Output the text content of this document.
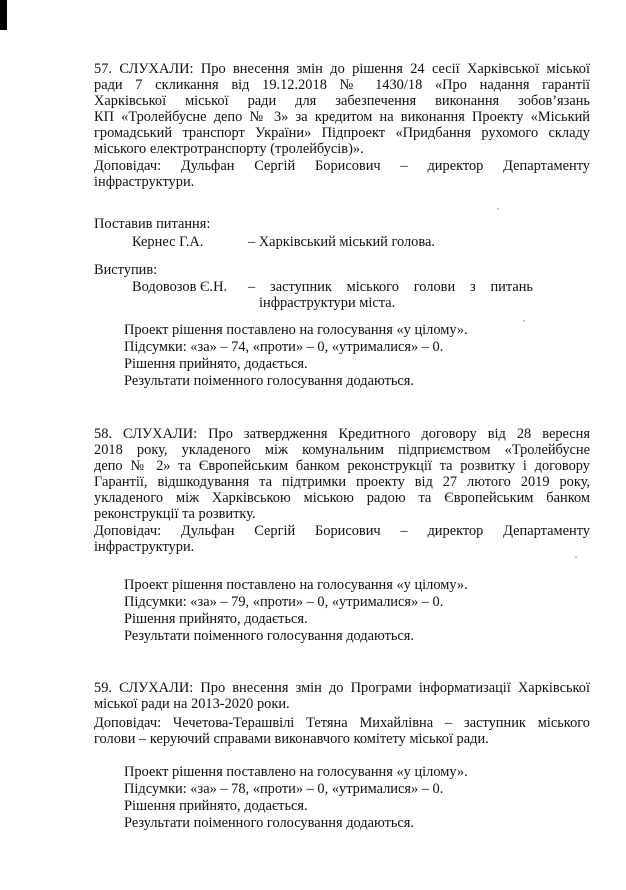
57. СЛУХАЛИ: Про внесення змін до рішення 24 сесії Харківської міської
ради 7 скликання від 19.12.2018 № 1430/18 «Про надання гарантії
Харківської міської ради для забезпечення виконання зобов’язань
КП «Тролейбусне депо № 3» за кредитом на виконання Проекту «Міський
громадський транспорт України» Підпроект «Придбання рухомого складу
міського електротранспорту (тролейбусів)».
Доповідач: Дульфан Сергій Борисович – директор Департаменту
інфраструктури.
Поставив питання:
Кернес Г.А.	– Харківський міський голова.
Виступив:
Водовозов Є.Н. – заступник міського голови з питань
інфраструктури міста.
Проект рішення поставлено на голосування «у цілому».
Підсумки: «за» – 74, «проти» – 0, «утрималися» – 0.
Рішення прийнято, додається.
Результати поіменного голосування додаються.
58. СЛУХАЛИ: Про затвердження Кредитного договору від 28 вересня
2018 року, укладеного між комунальним підприємством «Тролейбусне
депо № 2» та Європейським банком реконструкції та розвитку і договору
Гарантії, відшкодування та підтримки проекту від 27 лютого 2019 року,
укладеного між Харківською міською радою та Європейським банком
реконструкції та розвитку.
Доповідач: Дульфан Сергій Борисович – директор Департаменту
інфраструктури.
Проект рішення поставлено на голосування «у цілому».
Підсумки: «за» – 79, «проти» – 0, «утрималися» – 0.
Рішення прийнято, додається.
Результати поіменного голосування додаються.
59. СЛУХАЛИ: Про внесення змін до Програми інформатизації Харківської
міської ради на 2013-2020 роки.
Доповідач: Чечетова-Терашвілі Тетяна Михайлівна – заступник міського
голови – керуючий справами виконавчого комітету міської ради.
Проект рішення поставлено на голосування «у цілому».
Підсумки: «за» – 78, «проти» – 0, «утрималися» – 0.
Рішення прийнято, додається.
Результати поіменного голосування додаються.
